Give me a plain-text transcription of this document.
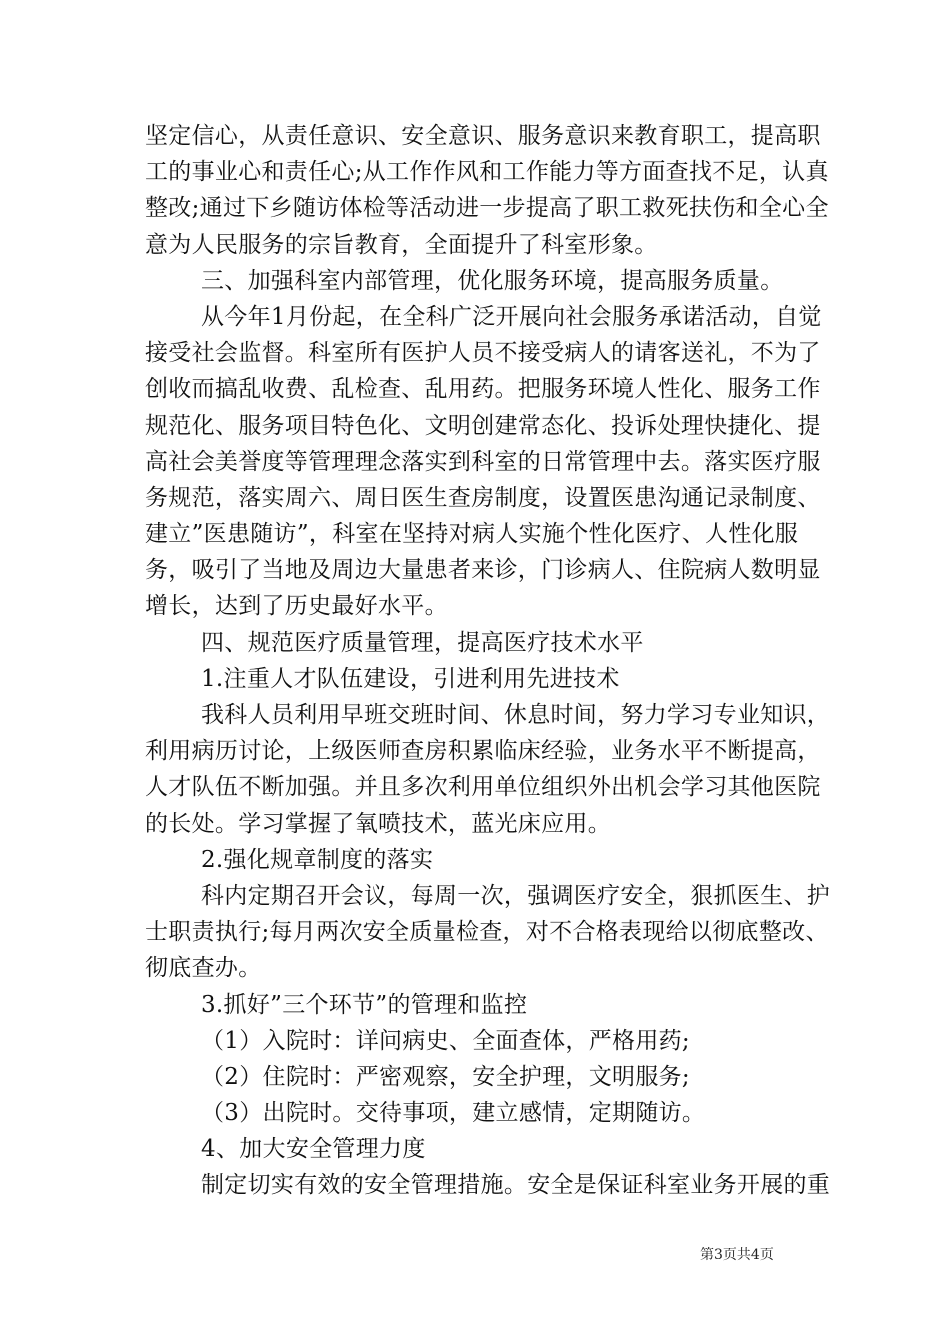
坚定信心，从责任意识、安全意识、服务意识来教育职工，提高职
工的事业心和责任心;从工作作风和工作能力等方面查找不足，认真
整改;通过下乡随访体检等活动进一步提高了职工救死扶伤和全心全
意为人民服务的宗旨教育，全面提升了科室形象。
三、加强科室内部管理，优化服务环境，提高服务质量。
从今年1月份起，在全科广泛开展向社会服务承诺活动，自觉
接受社会监督。科室所有医护人员不接受病人的请客送礼，不为了
创收而搞乱收费、乱检查、乱用药。把服务环境人性化、服务工作
规范化、服务项目特色化、文明创建常态化、投诉处理快捷化、提
高社会美誉度等管理理念落实到科室的日常管理中去。落实医疗服
务规范，落实周六、周日医生查房制度，设置医患沟通记录制度、
建立”医患随访”，科室在坚持对病人实施个性化医疗、人性化服
务，吸引了当地及周边大量患者来诊，门诊病人、住院病人数明显
增长，达到了历史最好水平。
四、规范医疗质量管理，提高医疗技术水平
1.注重人才队伍建设，引进利用先进技术
我科人员利用早班交班时间、休息时间，努力学习专业知识，
利用病历讨论，上级医师查房积累临床经验，业务水平不断提高，
人才队伍不断加强。并且多次利用单位组织外出机会学习其他医院
的长处。学习掌握了氧喷技术，蓝光床应用。
2.强化规章制度的落实
科内定期召开会议，每周一次，强调医疗安全，狠抓医生、护
士职责执行;每月两次安全质量检查，对不合格表现给以彻底整改、
彻底查办。
3.抓好”三个环节”的管理和监控
（1）入院时：详问病史、全面查体，严格用药;
（2）住院时：严密观察，安全护理，文明服务;
（3）出院时。交待事项，建立感情，定期随访。
4、加大安全管理力度
制定切实有效的安全管理措施。安全是保证科室业务开展的重
第3页共4页
